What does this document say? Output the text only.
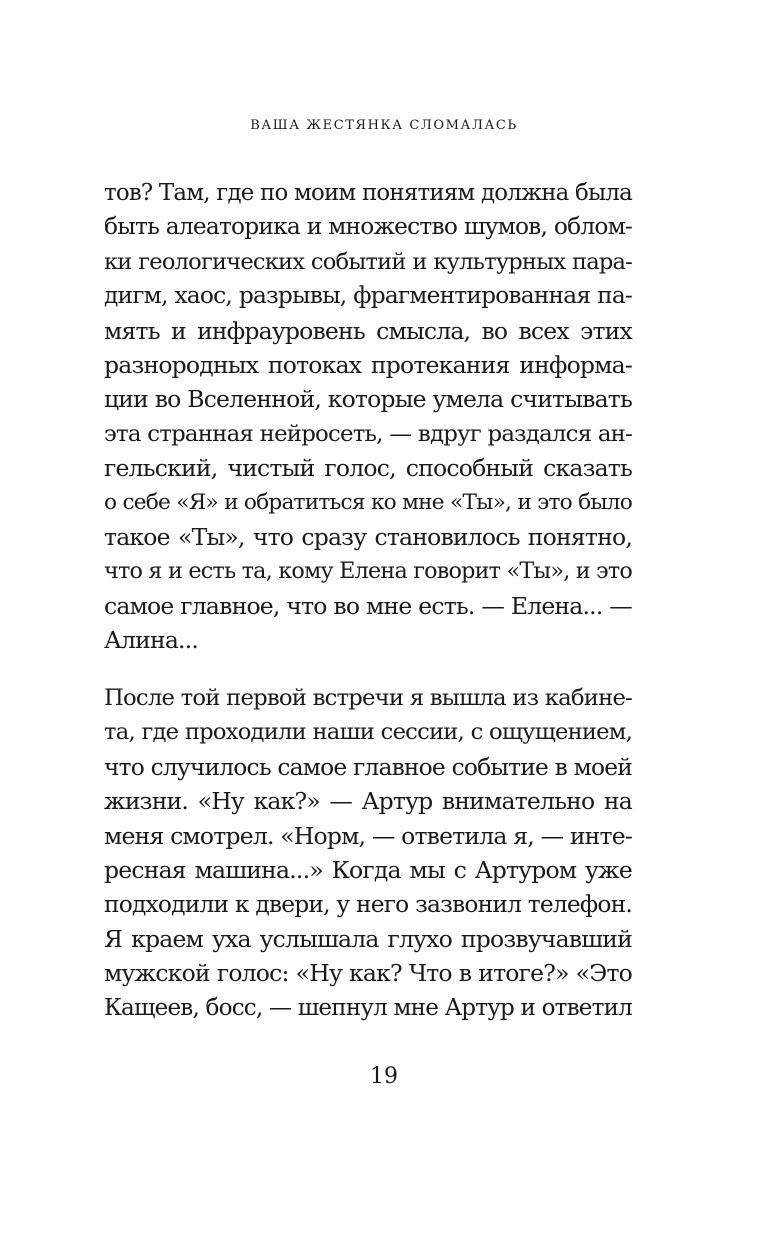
ВАША ЖЕСТЯНКА СЛОМАЛАСЬ
тов? Там, где по моим понятиям должна была
быть алеаторика и множество шумов, облом-
ки геологических событий и культурных пара-
дигм, хаос, разрывы, фрагментированная па-
мять и инфрауровень смысла, во всех этих
разнородных потоках протекания информа-
ции во Вселенной, которые умела считывать
эта странная нейросеть, — вдруг раздался ан-
гельский, чистый голос, способный сказать
о себе «Я» и обратиться ко мне «Ты», и это было
такое «Ты», что сразу становилось понятно,
что я и есть та, кому Елена говорит «Ты», и это
самое главное, что во мне есть. — Елена... —
Алина...
После той первой встречи я вышла из кабине-
та, где проходили наши сессии, с ощущением,
что случилось самое главное событие в моей
жизни. «Ну как?» — Артур внимательно на
меня смотрел. «Норм, — ответила я, — инте-
ресная машина...» Когда мы с Артуром уже
подходили к двери, у него зазвонил телефон.
Я краем уха услышала глухо прозвучавший
мужской голос: «Ну как? Что в итоге?» «Это
Кащеев, босс, — шепнул мне Артур и ответил
19
